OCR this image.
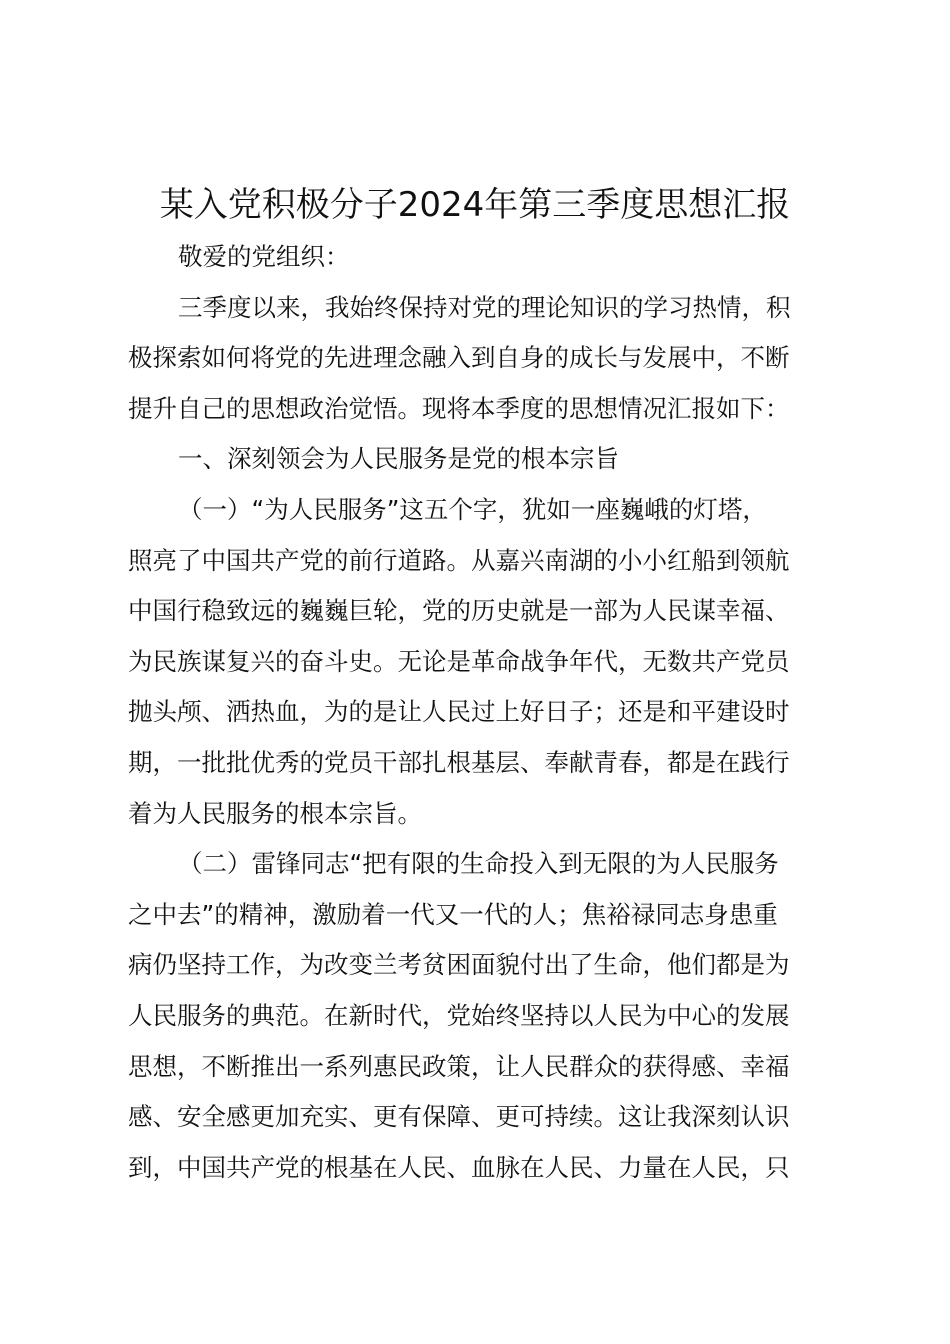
某入党积极分子2024年第三季度思想汇报
敬爱的党组织：
三季度以来，我始终保持对党的理论知识的学习热情，积
极探索如何将党的先进理念融入到自身的成长与发展中，不断
提升自己的思想政治觉悟。现将本季度的思想情况汇报如下：
一、深刻领会为人民服务是党的根本宗旨
（一）“为人民服务”这五个字，犹如一座巍峨的灯塔，
照亮了中国共产党的前行道路。从嘉兴南湖的小小红船到领航
中国行稳致远的巍巍巨轮，党的历史就是一部为人民谋幸福、
为民族谋复兴的奋斗史。无论是革命战争年代，无数共产党员
抛头颅、洒热血，为的是让人民过上好日子；还是和平建设时
期，一批批优秀的党员干部扎根基层、奉献青春，都是在践行
着为人民服务的根本宗旨。
（二）雷锋同志“把有限的生命投入到无限的为人民服务
之中去”的精神，激励着一代又一代的人；焦裕禄同志身患重
病仍坚持工作，为改变兰考贫困面貌付出了生命，他们都是为
人民服务的典范。在新时代，党始终坚持以人民为中心的发展
思想，不断推出一系列惠民政策，让人民群众的获得感、幸福
感、安全感更加充实、更有保障、更可持续。这让我深刻认识
到，中国共产党的根基在人民、血脉在人民、力量在人民，只
